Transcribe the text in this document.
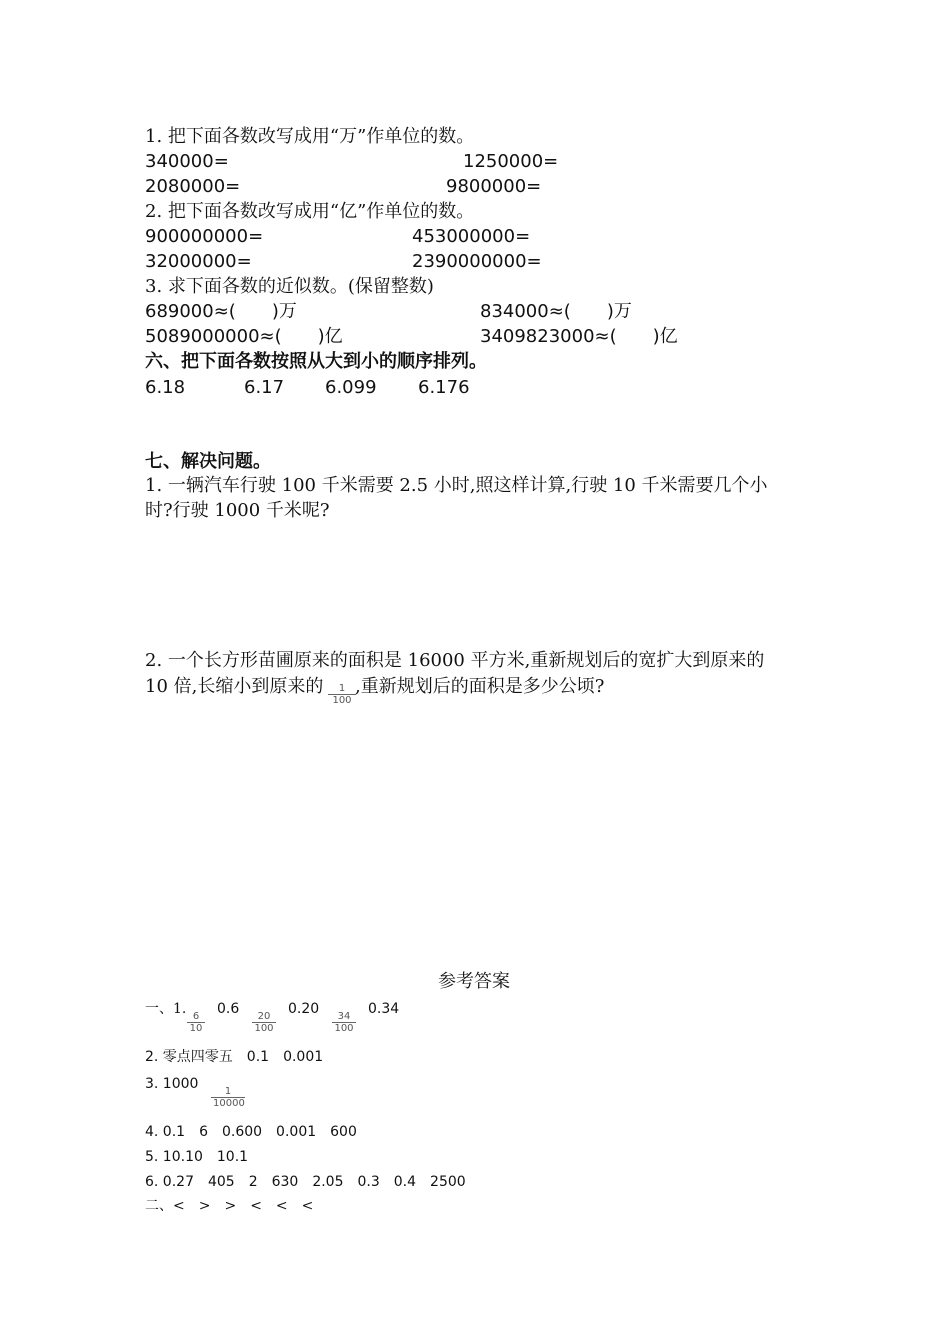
1. 把下面各数改写成用“万”作单位的数。
340000=	1250000=
2080000=	9800000=
2. 把下面各数改写成用“亿”作单位的数。
900000000=	453000000=
32000000=	2390000000=
3. 求下面各数的近似数。(保留整数)
689000≈(　　)万	834000≈(　　)万
5089000000≈(　　)亿	3409823000≈(　　)亿
六、把下面各数按照从大到小的顺序排列。
6.18	6.17 6.099 6.176
七、解决问题。
1. 一辆汽车行驶 100 千米需要 2.5 小时,照这样计算,行驶 10 千米需要几个小
时?行驶 1000 千米呢?
2. 一个长方形苗圃原来的面积是 16000 平方米,重新规划后的宽扩大到原来的
10 倍,长缩小到原来的 $\frac{1}{100}$ ,重新规划后的面积是多少公顷?
参考答案
一、1.
$\frac{6}{10}$
0.6
$\frac{20}{100}$
0.20
$\frac{34}{100}$
0.34
2. 零点四零五　0.1　0.001
3. 1000
$\frac{1}{10000}$
4. 0.1　6　0.600　0.001　600
5. 10.10　10.1
6. 0.27　405　2　630　2.05　0.3　0.4　2500
二、<　>　>　<　<　<
